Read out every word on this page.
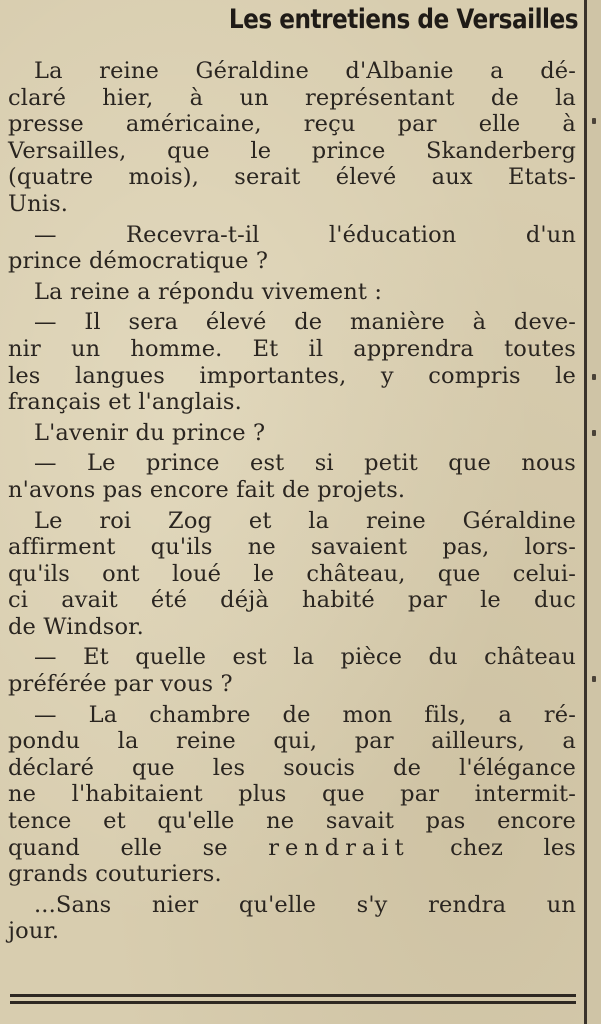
Les entretiens de Versailles

La reine Géraldine d'Albanie a dé-
claré hier, à un représentant de la
presse américaine, reçu par elle à
Versailles, que le prince Skanderberg
(quatre mois), serait élevé aux Etats-
Unis.

— Recevra-t-il l'éducation d'un
prince démocratique ?

La reine a répondu vivement :

— Il sera élevé de manière à deve-
nir un homme. Et il apprendra toutes
les langues importantes, y compris le
français et l'anglais.

L'avenir du prince ?

— Le prince est si petit que nous
n'avons pas encore fait de projets.

Le roi Zog et la reine Géraldine
affirment qu'ils ne savaient pas, lors-
qu'ils ont loué le château, que celui-
ci avait été déjà habité par le duc
de Windsor.

— Et quelle est la pièce du château
préférée par vous ?

— La chambre de mon fils, a ré-
pondu la reine qui, par ailleurs, a
déclaré que les soucis de l'élégance
ne l'habitaient plus que par intermit-
tence et qu'elle ne savait pas encore
quand elle se rendrait chez les
grands couturiers.

...Sans nier qu'elle s'y rendra un
jour.
